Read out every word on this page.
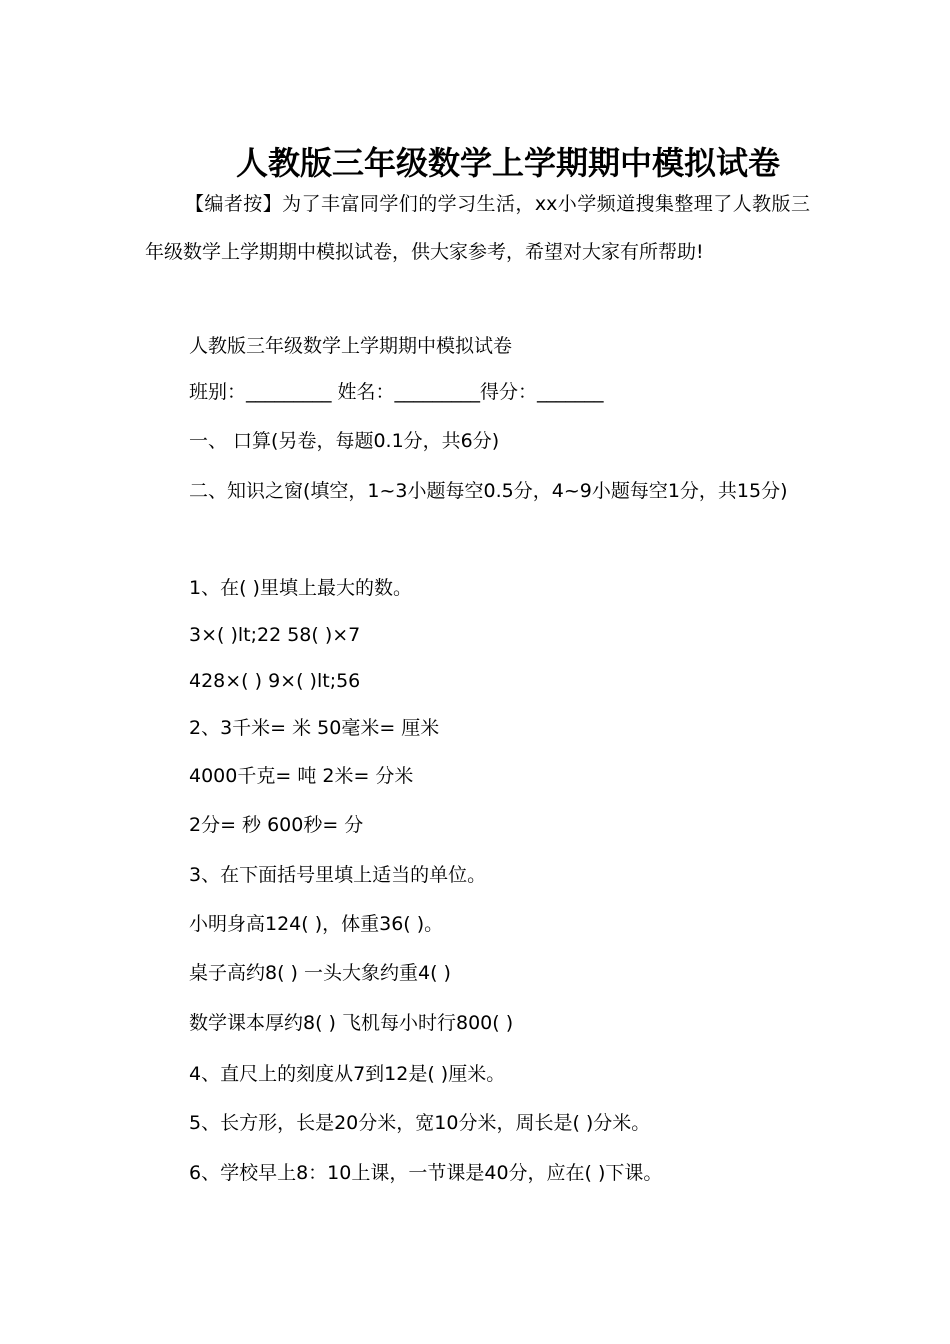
人教版三年级数学上学期期中模拟试卷

【编者按】为了丰富同学们的学习生活，xx小学频道搜集整理了人教版三年级数学上学期期中模拟试卷，供大家参考，希望对大家有所帮助!

人教版三年级数学上学期期中模拟试卷

班别：_________ 姓名：_________得分：_______

一、 口算(另卷，每题0.1分，共6分)

二、知识之窗(填空，1~3小题每空0.5分，4~9小题每空1分，共15分)

1、在( )里填上最大的数。

3×( )lt;22 58( )×7

428×( ) 9×( )lt;56

2、3千米= 米 50毫米= 厘米

4000千克= 吨 2米= 分米

2分= 秒 600秒= 分

3、在下面括号里填上适当的单位。

小明身高124( )，体重36( )。

桌子高约8( ) 一头大象约重4( )

数学课本厚约8( ) 飞机每小时行800( )

4、直尺上的刻度从7到12是( )厘米。

5、长方形，长是20分米，宽10分米，周长是( )分米。

6、学校早上8：10上课，一节课是40分，应在( )下课。
